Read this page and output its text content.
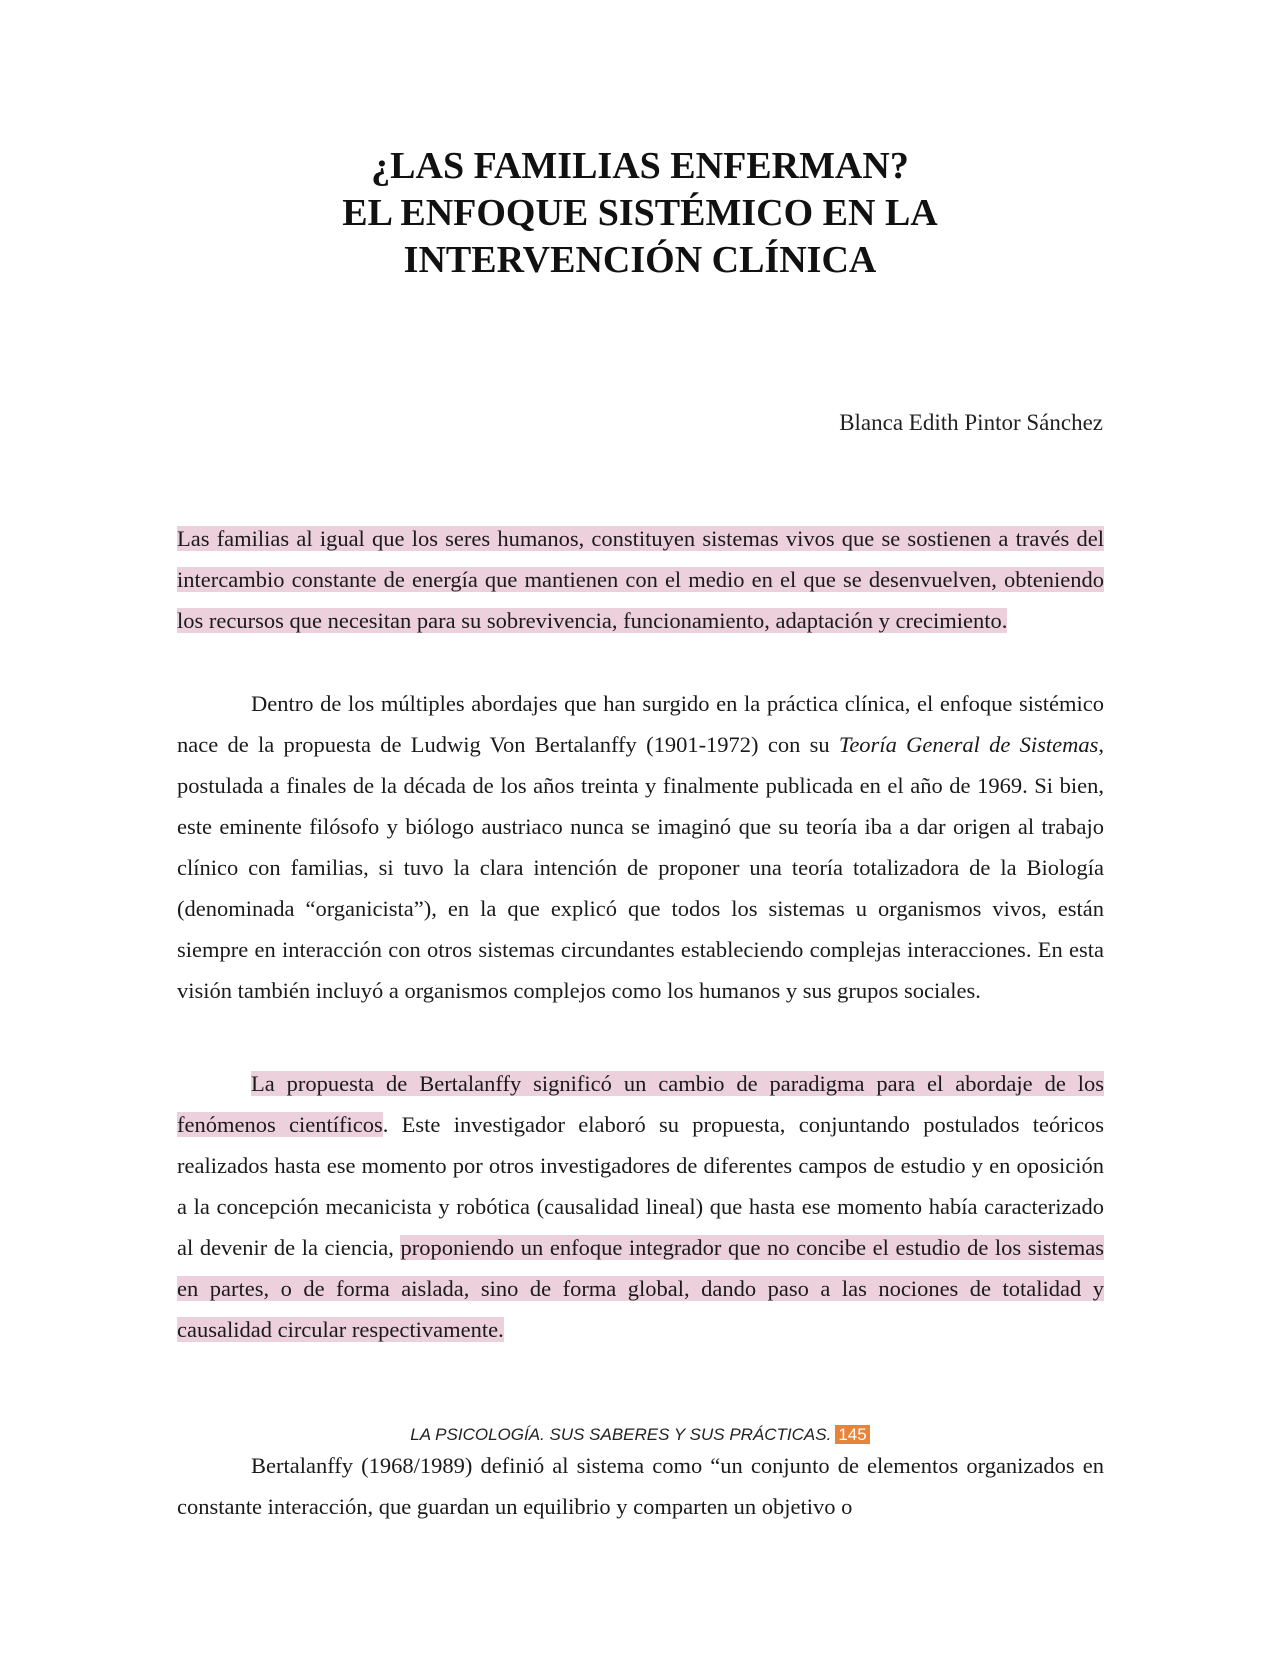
¿LAS FAMILIAS ENFERMAN?
EL ENFOQUE SISTÉMICO EN LA
INTERVENCIÓN CLÍNICA
Blanca Edith Pintor Sánchez

Las familias al igual que los seres humanos, constituyen sistemas vivos que se sostienen a través del intercambio constante de energía que mantienen con el medio en el que se desenvuelven, obteniendo los recursos que necesitan para su sobrevivencia, funcionamiento, adaptación y crecimiento.

Dentro de los múltiples abordajes que han surgido en la práctica clínica, el enfoque sistémico nace de la propuesta de Ludwig Von Bertalanffy (1901-1972) con su Teoría General de Sistemas, postulada a finales de la década de los años treinta y finalmente publicada en el año de 1969. Si bien, este eminente filósofo y biólogo austriaco nunca se imaginó que su teoría iba a dar origen al trabajo clínico con familias, si tuvo la clara intención de proponer una teoría totalizadora de la Biología (denominada “organicista”), en la que explicó que todos los sistemas u organismos vivos, están siempre en interacción con otros sistemas circundantes estableciendo complejas interacciones. En esta visión también incluyó a organismos complejos como los humanos y sus grupos sociales.

La propuesta de Bertalanffy significó un cambio de paradigma para el abordaje de los fenómenos científicos. Este investigador elaboró su propuesta, conjuntando postulados teóricos realizados hasta ese momento por otros investigadores de diferentes campos de estudio y en oposición a la concepción mecanicista y robótica (causalidad lineal) que hasta ese momento había caracterizado al devenir de la ciencia, proponiendo un enfoque integrador que no concibe el estudio de los sistemas en partes, o de forma aislada, sino de forma global, dando paso a las nociones de totalidad y causalidad circular respectivamente.

LA PSICOLOGÍA. SUS SABERES Y SUS PRÁCTICAS. 145

Bertalanffy (1968/1989) definió al sistema como “un conjunto de elementos organizados en constante interacción, que guardan un equilibrio y comparten un objetivo o
